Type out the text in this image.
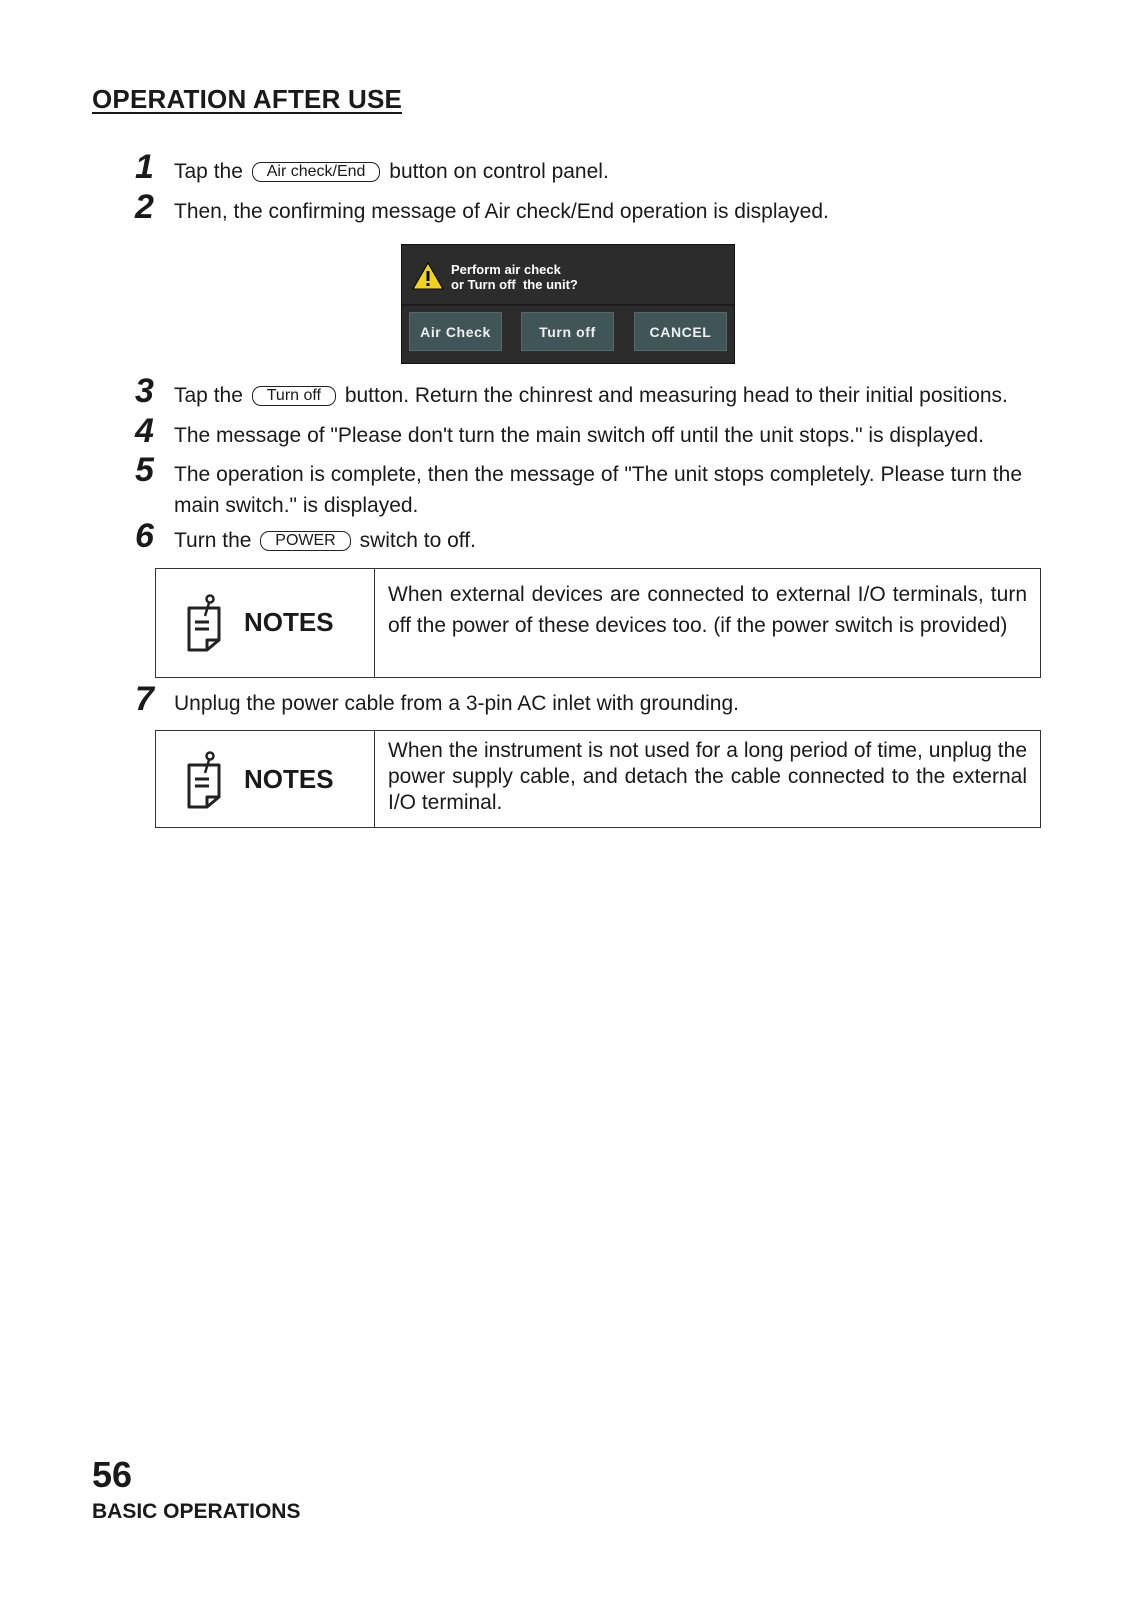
OPERATION AFTER USE
1 Tap the Air check/End button on control panel.
2 Then, the confirming message of Air check/End operation is displayed.
Perform air check
or Turn off  the unit?
Air Check	Turn off	CANCEL
3 Tap the Turn off button. Return the chinrest and measuring head to their initial positions.
4 The message of "Please don't turn the main switch off until the unit stops." is displayed.
5 The operation is complete, then the message of "The unit stops completely. Please turn the main switch." is displayed.
6 Turn the POWER switch to off.
NOTES
When external devices are connected to external I/O terminals, turn off the power of these devices too. (if the power switch is provided)
7 Unplug the power cable from a 3-pin AC inlet with grounding.
NOTES
When the instrument is not used for a long period of time, unplug the power supply cable, and detach the cable connected to the external I/O terminal.
56
BASIC OPERATIONS
